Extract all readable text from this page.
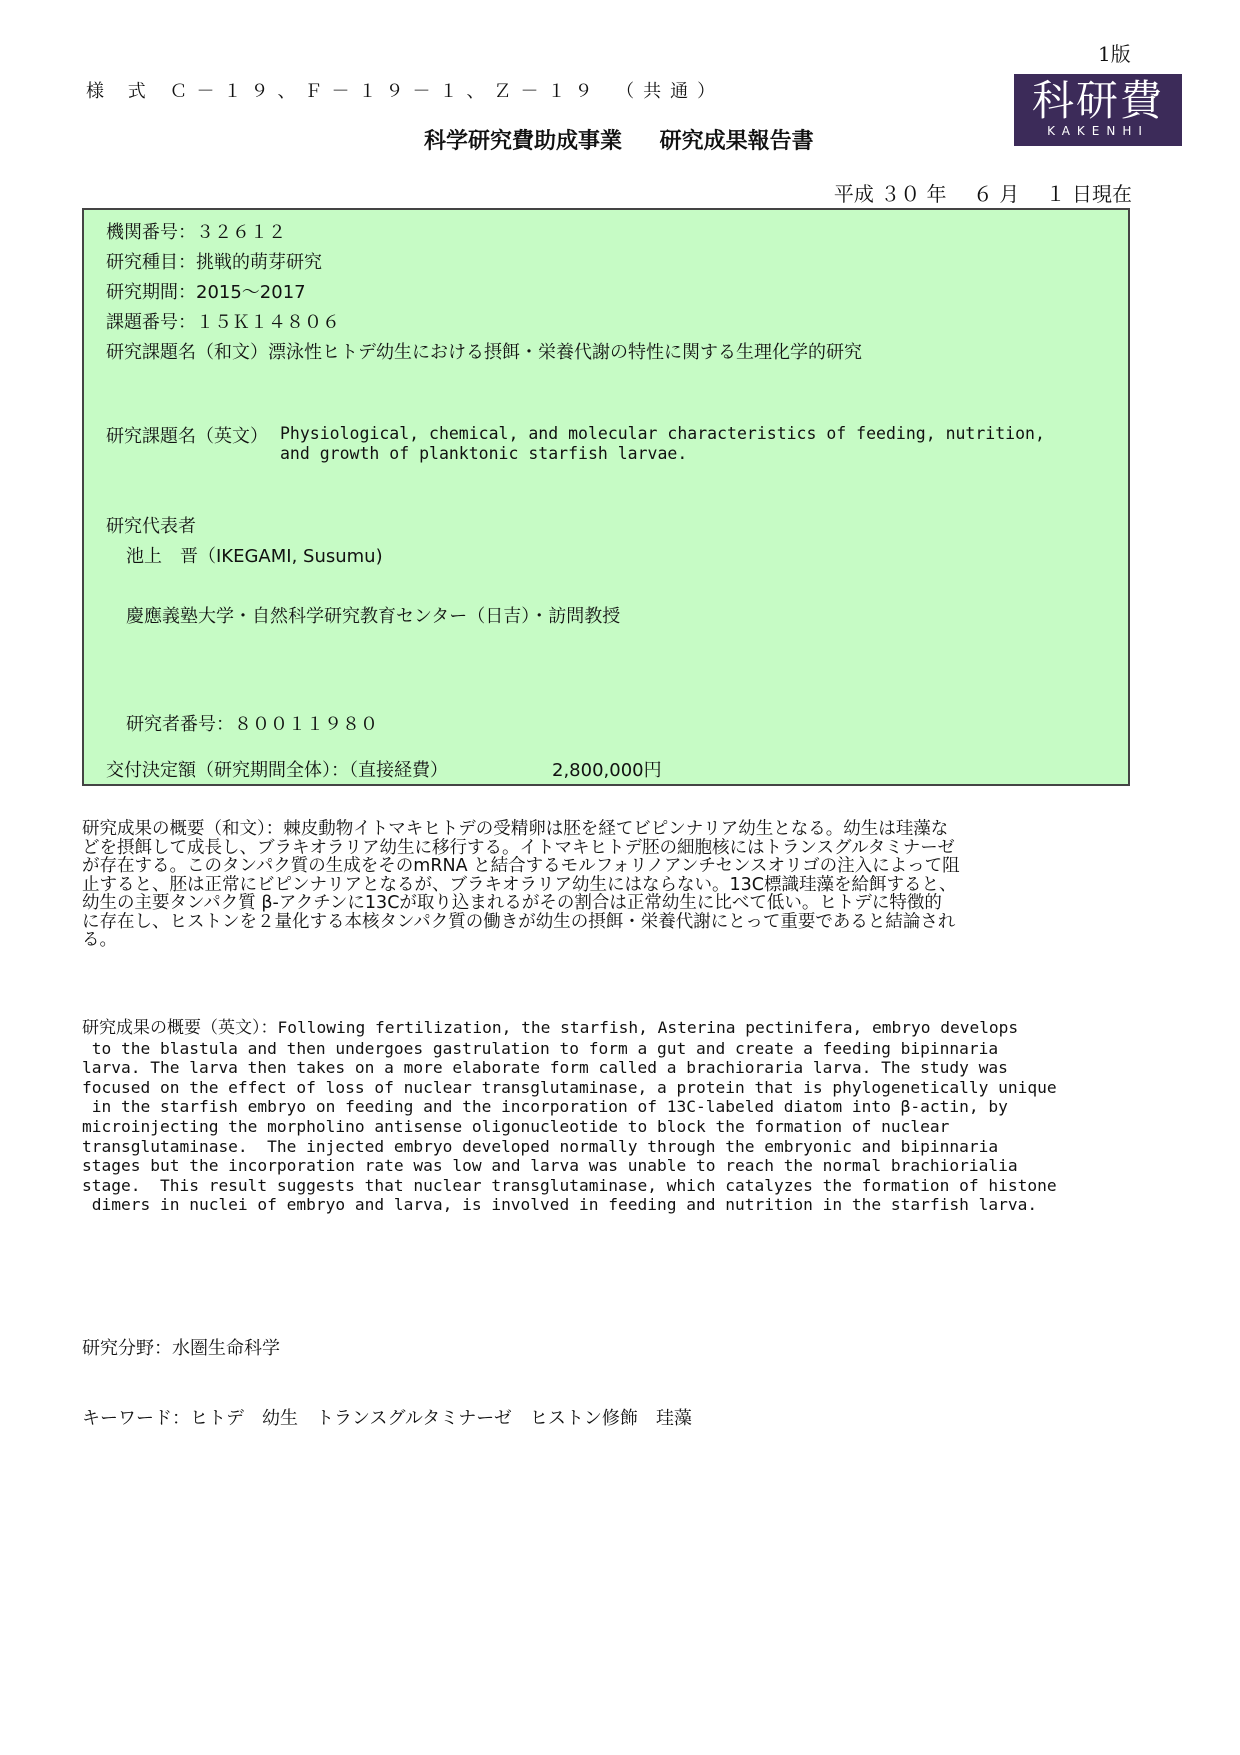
1版
様 式 Ｃ－１９、Ｆ－１９－１、Ｚ－１９ （共通）	科研費
KAKENHI
科学研究費助成事業 研究成果報告書
平成 ３０ 年　 ６ 月　 １ 日現在
機関番号：３２６１２
研究種目：挑戦的萌芽研究
研究期間：2015～2017
課題番号：１５Ｋ１４８０６
研究課題名（和文）漂泳性ヒトデ幼生における摂餌・栄養代謝の特性に関する生理化学的研究
研究課題名（英文） Physiological, chemical, and molecular characteristics of feeding, nutrition,
and growth of planktonic starfish larvae.
研究代表者
池上　晋（IKEGAMI, Susumu)
慶應義塾大学・自然科学研究教育センター（日吉）・訪問教授
研究者番号：８００１１９８０
交付決定額（研究期間全体）：（直接経費）	2,800,000円
研究成果の概要（和文）：棘皮動物イトマキヒトデの受精卵は胚を経てビピンナリア幼生となる。幼生は珪藻な
どを摂餌して成長し、ブラキオラリア幼生に移行する。イトマキヒトデ胚の細胞核にはトランスグルタミナーゼ
が存在する。このタンパク質の生成をそのmRNA と結合するモルフォリノアンチセンスオリゴの注入によって阻
止すると、胚は正常にビピンナリアとなるが、ブラキオラリア幼生にはならない。13C標識珪藻を給餌すると、
幼生の主要タンパク質 β-アクチンに13Cが取り込まれるがその割合は正常幼生に比べて低い。ヒトデに特徴的
に存在し、ヒストンを２量化する本核タンパク質の働きが幼生の摂餌・栄養代謝にとって重要であると結論され
る。
研究成果の概要（英文）：Following fertilization, the starfish, Asterina pectinifera, embryo develops
to the blastula and then undergoes gastrulation to form a gut and create a feeding bipinnaria
larva. The larva then takes on a more elaborate form called a brachioraria larva. The study was
focused on the effect of loss of nuclear transglutaminase, a protein that is phylogenetically unique
in the starfish embryo on feeding and the incorporation of 13C-labeled diatom into β-actin, by
microinjecting the morpholino antisense oligonucleotide to block the formation of nuclear
transglutaminase.  The injected embryo developed normally through the embryonic and bipinnaria
stages but the incorporation rate was low and larva was unable to reach the normal brachiorialia
stage.  This result suggests that nuclear transglutaminase, which catalyzes the formation of histone
dimers in nuclei of embryo and larva, is involved in feeding and nutrition in the starfish larva.
研究分野：水圏生命科学
キーワード：ヒトデ　幼生　トランスグルタミナーゼ　ヒストン修飾　珪藻
